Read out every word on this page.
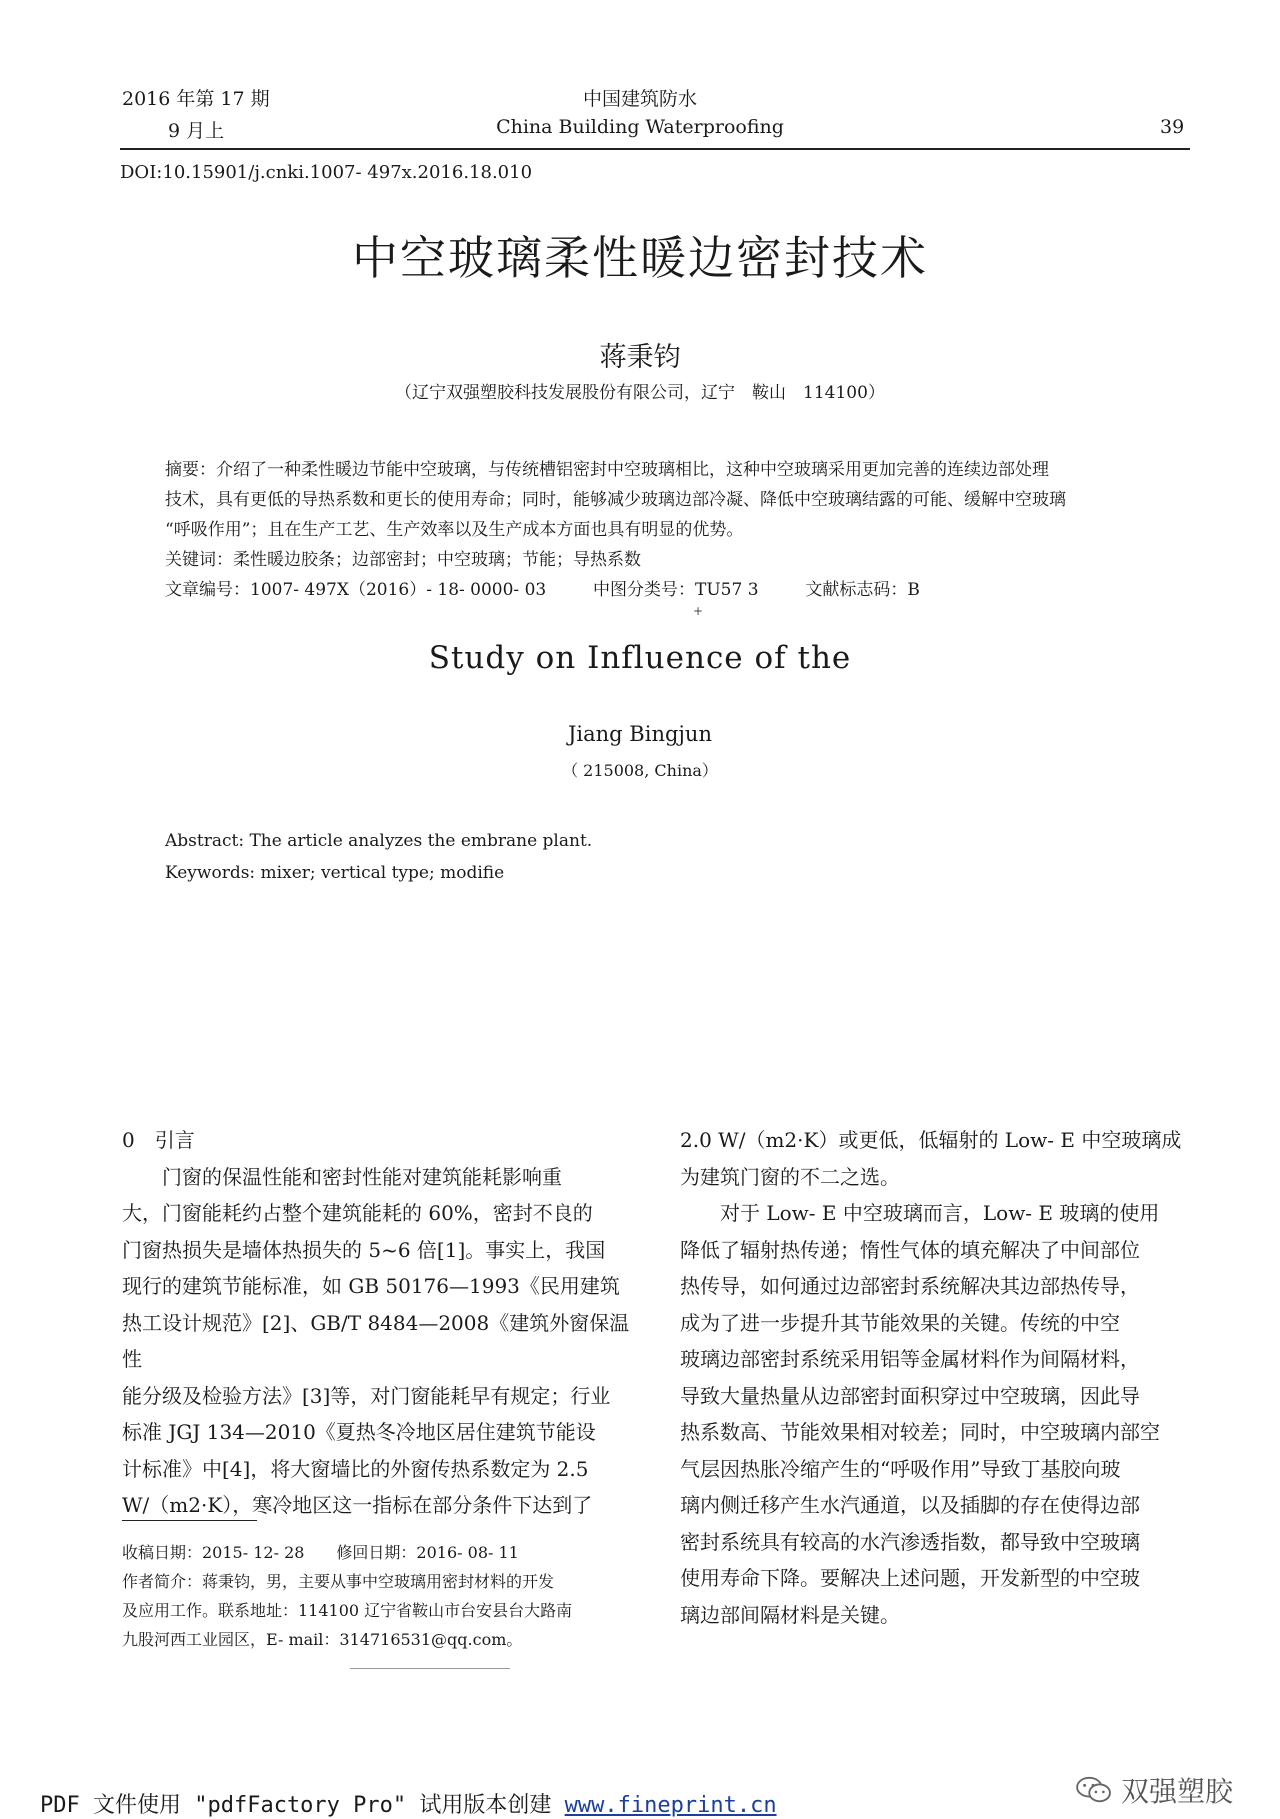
2016 年第 17 期
9 月上
中国建筑防水
China Building Waterproofing	39
DOI:10.15901/j.cnki.1007- 497x.2016.18.010
中空玻璃柔性暖边密封技术
蒋秉钧
（辽宁双强塑胶科技发展股份有限公司，辽宁　鞍山　114100）

摘要：介绍了一种柔性暖边节能中空玻璃，与传统槽铝密封中空玻璃相比，这种中空玻璃采用更加完善的连续边部处理

技术，具有更低的导热系数和更长的使用寿命；同时，能够减少玻璃边部冷凝、降低中空玻璃结露的可能、缓解中空玻璃

“呼吸作用”；且在生产工艺、生产效率以及生产成本方面也具有明显的优势。

关键词：柔性暖边胶条；边部密封；中空玻璃；节能；导热系数

文章编号：1007- 497X（2016）- 18- 0000- 03	中图分类号：TU57 3	文献标志码：B

+
Study on Influence of the
Jiang Bingjun
（ 215008, China）

Abstract: The article analyzes the embrane plant.

Keywords: mixer; vertical type; modifie

0　引言

门窗的保温性能和密封性能对建筑能耗影响重

大，门窗能耗约占整个建筑能耗的 60%，密封不良的

门窗热损失是墙体热损失的 5~6 倍[1]。事实上，我国

现行的建筑节能标准，如 GB 50176—1993《民用建筑

热工设计规范》[2]、GB/T 8484—2008《建筑外窗保温性

能分级及检验方法》[3]等，对门窗能耗早有规定；行业

标准 JGJ 134—2010《夏热冬冷地区居住建筑节能设

计标准》中[4]，将大窗墙比的外窗传热系数定为 2.5

W/（m2·K），寒冷地区这一指标在部分条件下达到了

收稿日期：2015- 12- 28　　修回日期：2016- 08- 11

作者简介：蒋秉钧，男，主要从事中空玻璃用密封材料的开发

及应用工作。联系地址：114100 辽宁省鞍山市台安县台大路南

九股河西工业园区，E- mail：314716531@qq.com。

2.0 W/（m2·K）或更低，低辐射的 Low- E 中空玻璃成

为建筑门窗的不二之选。

对于 Low- E 中空玻璃而言，Low- E 玻璃的使用

降低了辐射热传递；惰性气体的填充解决了中间部位

热传导，如何通过边部密封系统解决其边部热传导，

成为了进一步提升其节能效果的关键。传统的中空

玻璃边部密封系统采用铝等金属材料作为间隔材料，

导致大量热量从边部密封面积穿过中空玻璃，因此导

热系数高、节能效果相对较差；同时，中空玻璃内部空

气层因热胀冷缩产生的“呼吸作用”导致丁基胶向玻

璃内侧迁移产生水汽通道，以及插脚的存在使得边部

密封系统具有较高的水汽渗透指数，都导致中空玻璃

使用寿命下降。要解决上述问题，开发新型的中空玻

璃边部间隔材料是关键。

PDF 文件使用 "pdfFactory Pro" 试用版本创建 www.fineprint.cn	双强塑胶
